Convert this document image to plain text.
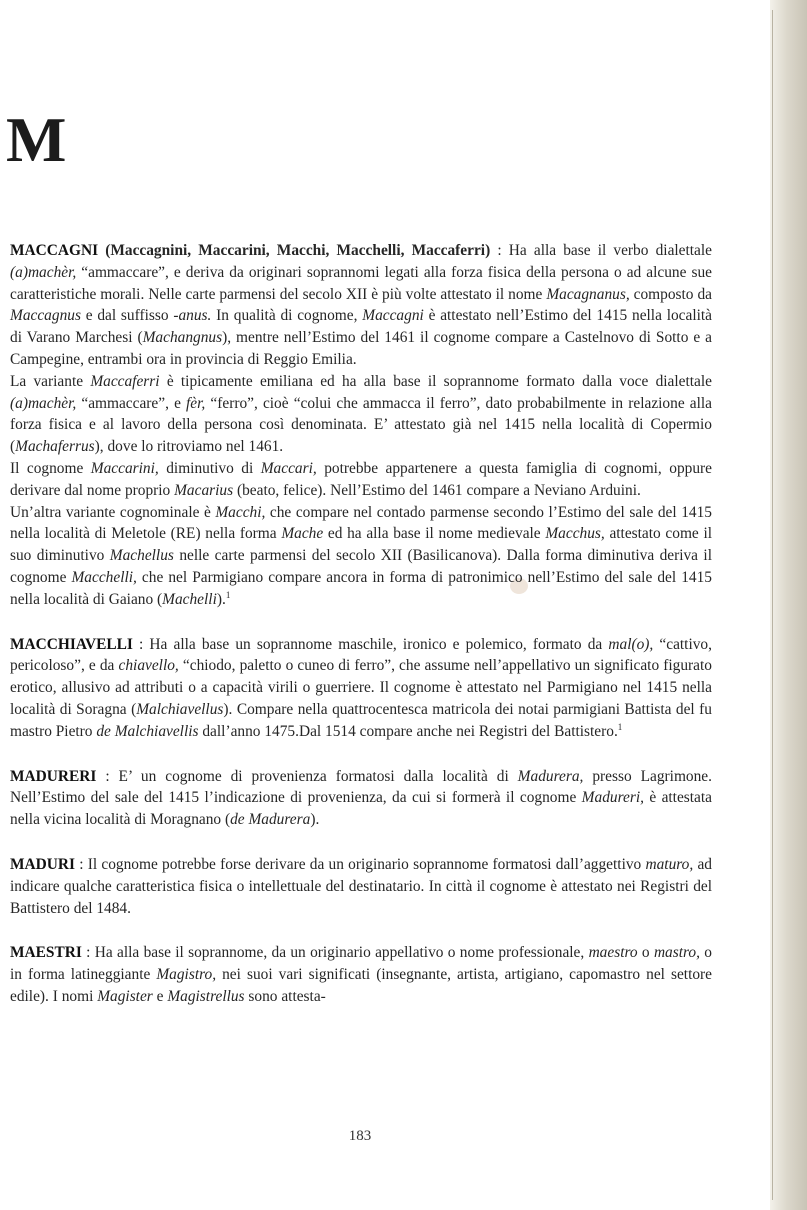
M

MACCAGNI (Maccagnini, Maccarini, Macchi, Macchelli, Maccaferri) : Ha alla base il verbo dialettale (a)machèr, “ammaccare”, e deriva da originari soprannomi legati alla forza fisica della persona o ad alcune sue caratteristiche morali. Nelle carte parmensi del secolo XII è più volte attestato il nome Macagnanus, composto da Maccagnus e dal suffisso -anus. In qualità di cognome, Maccagni è attestato nell’Estimo del 1415 nella località di Varano Marchesi (Machangnus), mentre nell’Estimo del 1461 il cognome compare a Castelnovo di Sotto e a Campegine, entrambi ora in provincia di Reggio Emilia.

La variante Maccaferri è tipicamente emiliana ed ha alla base il soprannome formato dalla voce dialettale (a)machèr, “ammaccare”, e fèr, “ferro”, cioè “colui che ammacca il ferro”, dato probabilmente in relazione alla forza fisica e al lavoro della persona così denominata. E’ attestato già nel 1415 nella località di Copermio (Machaferrus), dove lo ritroviamo nel 1461.

Il cognome Maccarini, diminutivo di Maccari, potrebbe appartenere a questa famiglia di cognomi, oppure derivare dal nome proprio Macarius (beato, felice). Nell’Estimo del 1461 compare a Neviano Arduini.

Un’altra variante cognominale è Macchi, che compare nel contado parmense secondo l’Estimo del sale del 1415 nella località di Meletole (RE) nella forma Mache ed ha alla base il nome medievale Macchus, attestato come il suo diminutivo Machellus nelle carte parmensi del secolo XII (Basilicanova). Dalla forma diminutiva deriva il cognome Macchelli, che nel Parmigiano compare ancora in forma di patronimico nell’Estimo del sale del 1415 nella località di Gaiano (Machelli).$^1$

MACCHIAVELLI : Ha alla base un soprannome maschile, ironico e polemico, formato da mal(o), “cattivo, pericoloso”, e da chiavello, “chiodo, paletto o cuneo di ferro”, che assume nell’appellativo un significato figurato erotico, allusivo ad attributi o a capacità virili o guerriere. Il cognome è attestato nel Parmigiano nel 1415 nella località di Soragna (Malchiavellus). Compare nella quattrocentesca matricola dei notai parmigiani Battista del fu mastro Pietro de Malchiavellis dall’anno 1475.Dal 1514 compare anche nei Registri del Battistero.$^1$

MADURERI : E’ un cognome di provenienza formatosi dalla località di Madurera, presso Lagrimone. Nell’Estimo del sale del 1415 l’indicazione di provenienza, da cui si formerà il cognome Madureri, è attestata nella vicina località di Moragnano (de Madurera).

MADURI : Il cognome potrebbe forse derivare da un originario soprannome formatosi dall’aggettivo maturo, ad indicare qualche caratteristica fisica o intellettuale del destinatario. In città il cognome è attestato nei Registri del Battistero del 1484.

MAESTRI : Ha alla base il soprannome, da un originario appellativo o nome professionale, maestro o mastro, o in forma latineggiante Magistro, nei suoi vari significati (insegnante, artista, artigiano, capomastro nel settore edile). I nomi Magister e Magistrellus sono attesta-

183
